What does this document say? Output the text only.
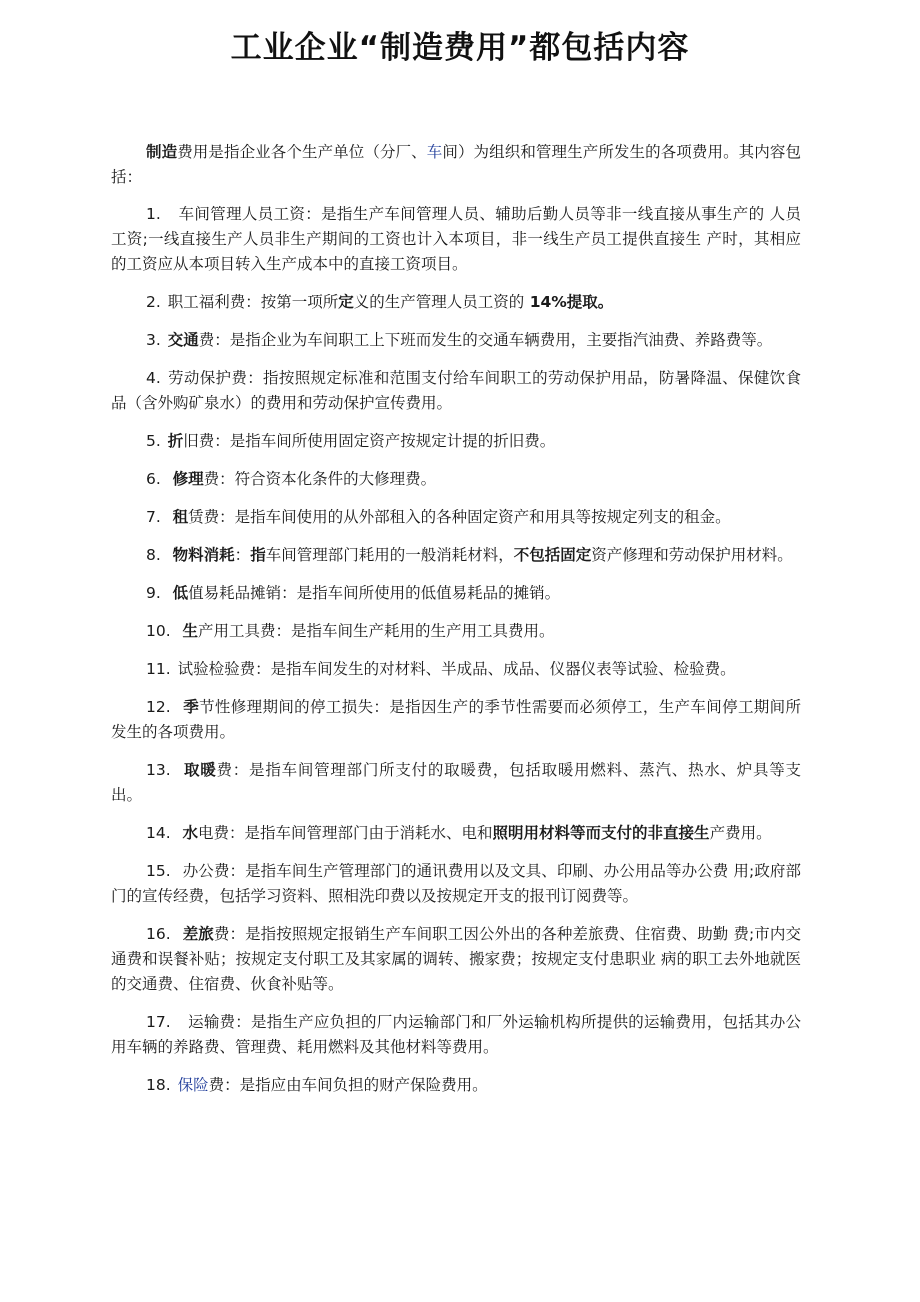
工业企业“制造费用”都包括内容

制造费用是指企业各个生产单位（分厂、车间）为组织和管理生产所发生的各项费用。其内容包括：

1. 车间管理人员工资：是指生产车间管理人员、辅助后勤人员等非一线直接从事生产的 人员工资;一线直接生产人员非生产期间的工资也计入本项目，非一线生产员工提供直接生 产时，其相应的工资应从本项目转入生产成本中的直接工资项目。

2. 职工福利费：按第一项所定义的生产管理人员工资的 14%提取。

3. 交通费：是指企业为车间职工上下班而发生的交通车辆费用，主要指汽油费、养路费等。

4. 劳动保护费：指按照规定标准和范围支付给车间职工的劳动保护用品，防暑降温、保健饮食品（含外购矿泉水）的费用和劳动保护宣传费用。

5. 折旧费：是指车间所使用固定资产按规定计提的折旧费。

6. 修理费：符合资本化条件的大修理费。

7. 租赁费：是指车间使用的从外部租入的各种固定资产和用具等按规定列支的租金。

8. 物料消耗：指车间管理部门耗用的一般消耗材料，不包括固定资产修理和劳动保护用材料。

9. 低值易耗品摊销：是指车间所使用的低值易耗品的摊销。

10. 生产用工具费：是指车间生产耗用的生产用工具费用。

11. 试验检验费：是指车间发生的对材料、半成品、成品、仪器仪表等试验、检验费。

12. 季节性修理期间的停工损失：是指因生产的季节性需要而必须停工，生产车间停工期间所发生的各项费用。

13. 取暖费：是指车间管理部门所支付的取暖费，包括取暖用燃料、蒸汽、热水、炉具等支出。

14. 水电费：是指车间管理部门由于消耗水、电和照明用材料等而支付的非直接生产费用。

15. 办公费：是指车间生产管理部门的通讯费用以及文具、印刷、办公用品等办公费 用;政府部门的宣传经费，包括学习资料、照相洗印费以及按规定开支的报刊订阅费等。

16. 差旅费：是指按照规定报销生产车间职工因公外出的各种差旅费、住宿费、助勤 费;市内交通费和误餐补贴；按规定支付职工及其家属的调转、搬家费；按规定支付患职业 病的职工去外地就医的交通费、住宿费、伙食补贴等。

17. 运输费：是指生产应负担的厂内运输部门和厂外运输机构所提供的运输费用，包括其办公用车辆的养路费、管理费、耗用燃料及其他材料等费用。

18. 保险费：是指应由车间负担的财产保险费用。
